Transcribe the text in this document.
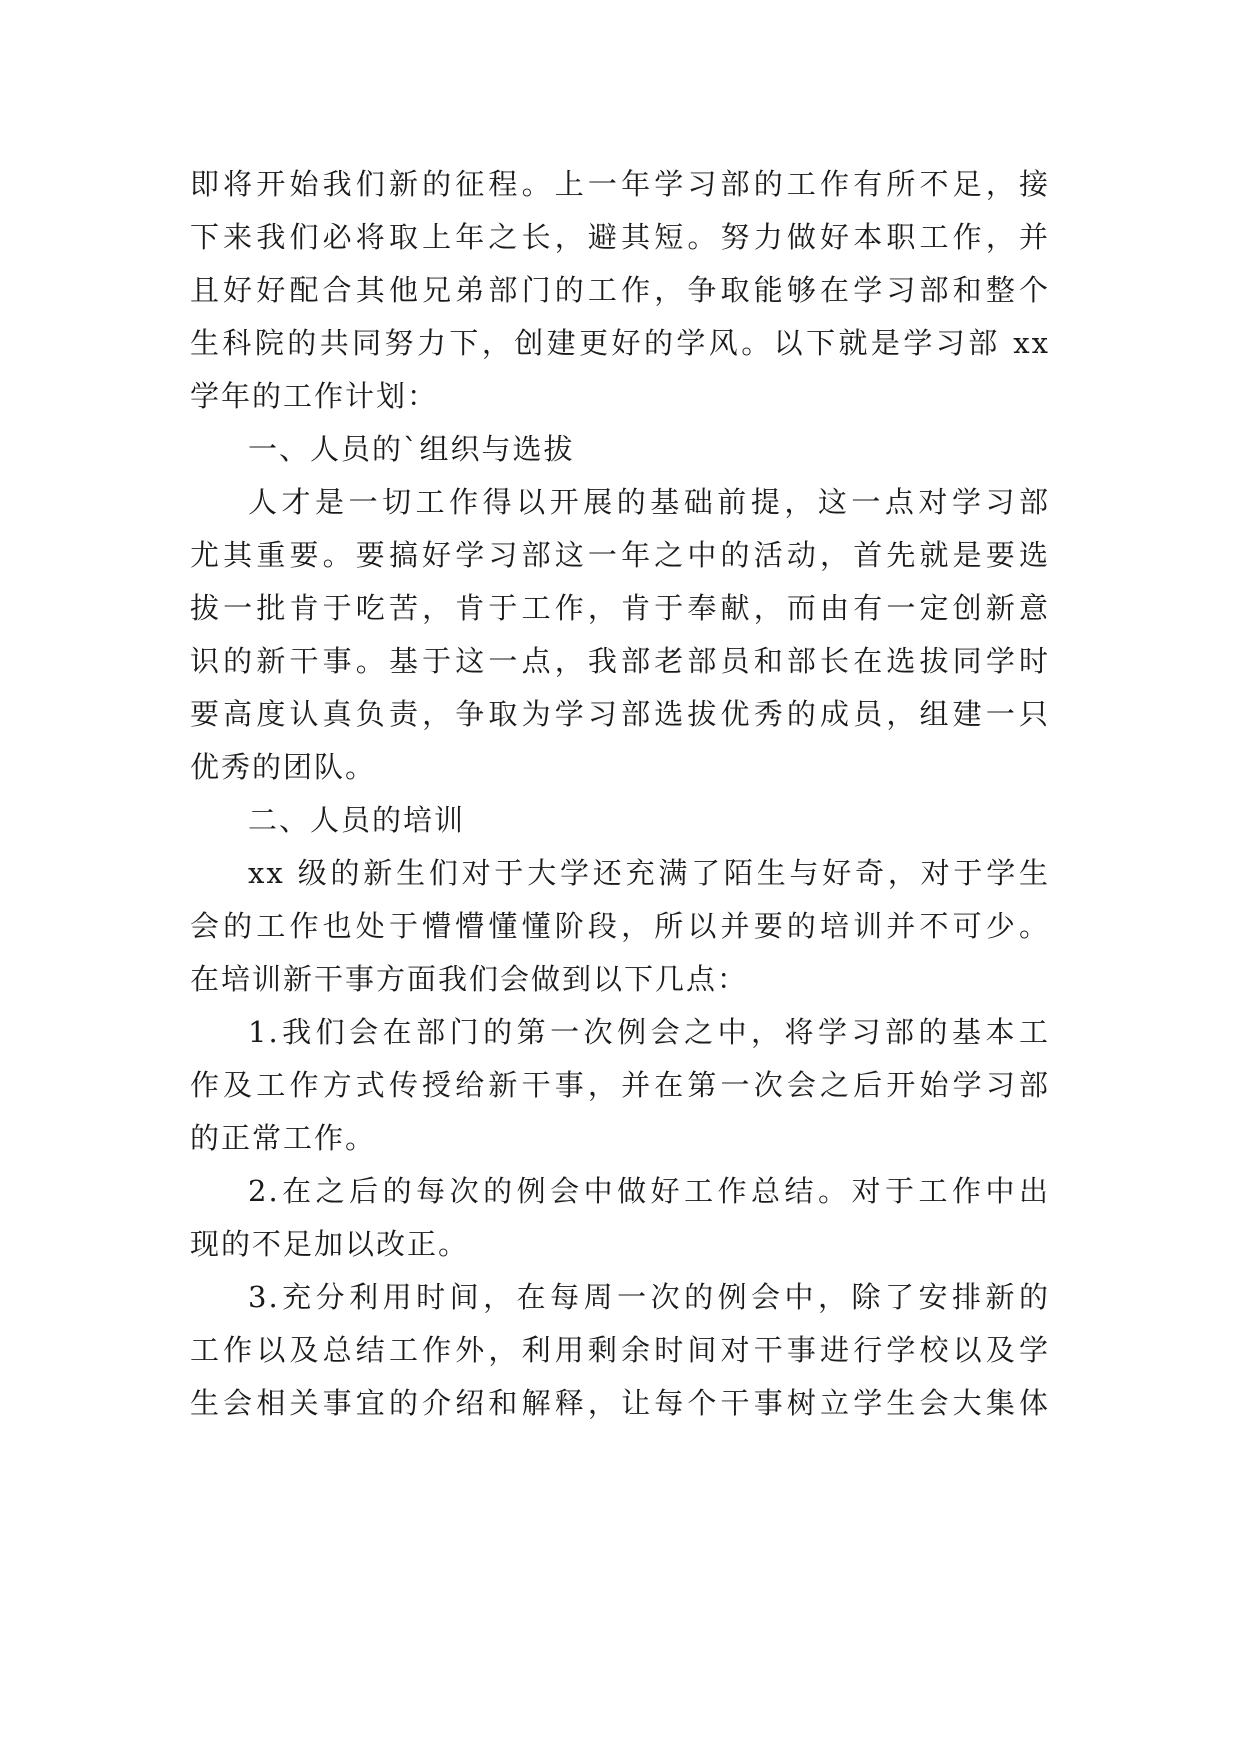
即将开始我们新的征程。上一年学习部的工作有所不足，接
下来我们必将取上年之长，避其短。努力做好本职工作，并
且好好配合其他兄弟部门的工作，争取能够在学习部和整个
生科院的共同努力下，创建更好的学风。以下就是学习部 xx
学年的工作计划：
一、人员的`组织与选拔
人才是一切工作得以开展的基础前提，这一点对学习部
尤其重要。要搞好学习部这一年之中的活动，首先就是要选
拔一批肯于吃苦，肯于工作，肯于奉献，而由有一定创新意
识的新干事。基于这一点，我部老部员和部长在选拔同学时
要高度认真负责，争取为学习部选拔优秀的成员，组建一只
优秀的团队。
二、人员的培训
xx 级的新生们对于大学还充满了陌生与好奇，对于学生
会的工作也处于懵懵懂懂阶段，所以并要的培训并不可少。
在培训新干事方面我们会做到以下几点：
1.我们会在部门的第一次例会之中，将学习部的基本工
作及工作方式传授给新干事，并在第一次会之后开始学习部
的正常工作。
2.在之后的每次的例会中做好工作总结。对于工作中出
现的不足加以改正。
3.充分利用时间，在每周一次的例会中，除了安排新的
工作以及总结工作外，利用剩余时间对干事进行学校以及学
生会相关事宜的介绍和解释，让每个干事树立学生会大集体
